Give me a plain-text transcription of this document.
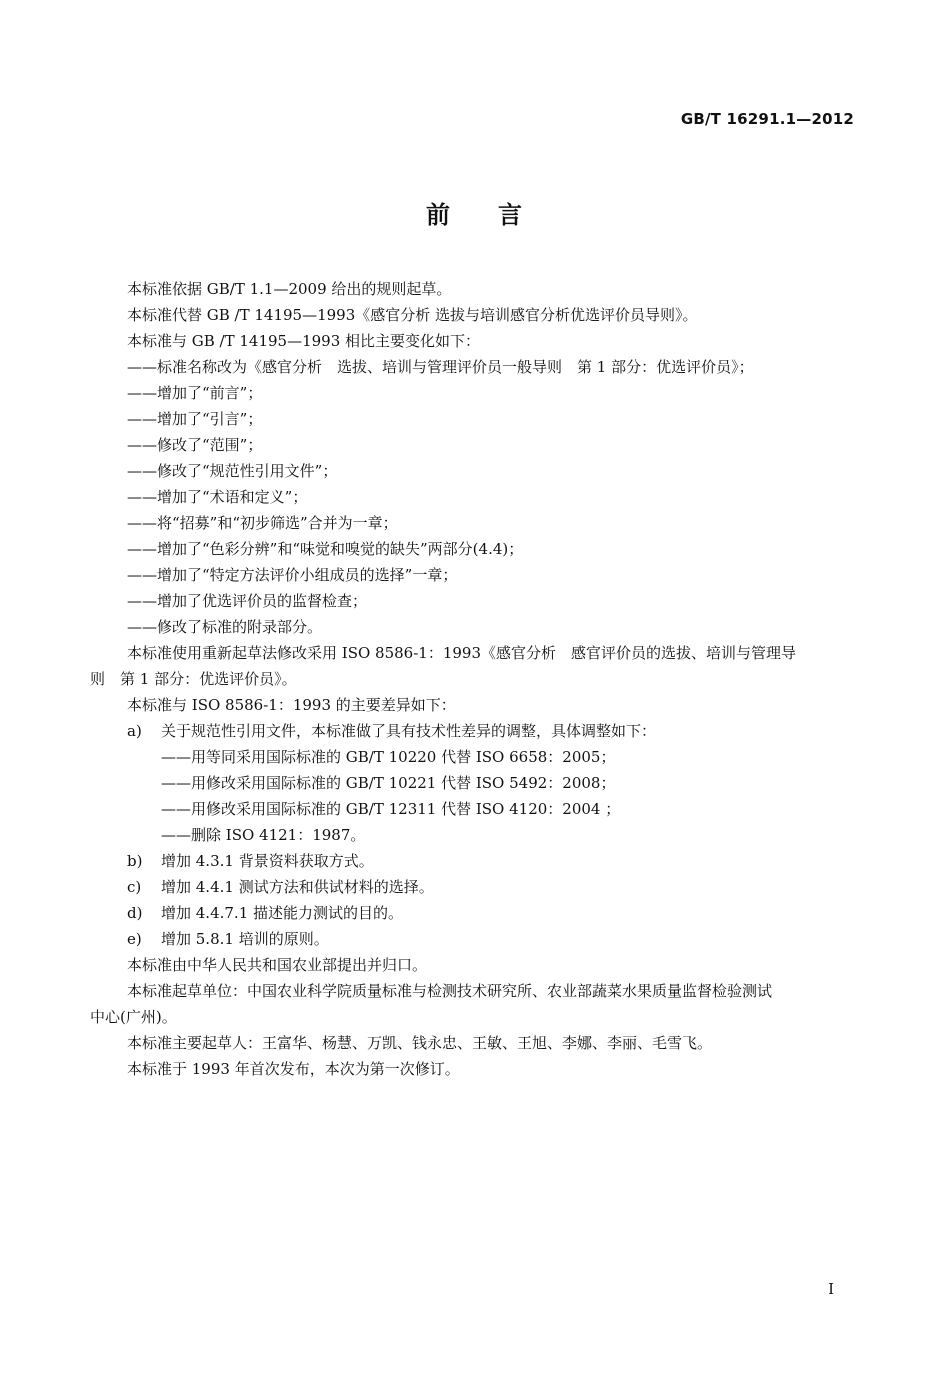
GB/T 16291.1—2012
前 言
本标准依据 GB/T 1.1—2009 给出的规则起草。
本标准代替 GB /T 14195—1993《感官分析 选拔与培训感官分析优选评价员导则》。
本标准与 GB /T 14195—1993 相比主要变化如下：
——标准名称改为《感官分析　选拔、培训与管理评价员一般导则　第 1 部分：优选评价员》；
——增加了“前言”；
——增加了“引言”；
——修改了“范围”；
——修改了“规范性引用文件”；
——增加了“术语和定义”；
——将“招募”和“初步筛选”合并为一章；
——增加了“色彩分辨”和“味觉和嗅觉的缺失”两部分(4.4)；
——增加了“特定方法评价小组成员的选择”一章；
——增加了优选评价员的监督检查；
——修改了标准的附录部分。
本标准使用重新起草法修改采用 ISO 8586-1：1993《感官分析　感官评价员的选拔、培训与管理导
则　第 1 部分：优选评价员》。
本标准与 ISO 8586-1：1993 的主要差异如下：
a) 关于规范性引用文件，本标准做了具有技术性差异的调整，具体调整如下：
——用等同采用国际标准的 GB/T 10220 代替 ISO 6658：2005；
——用修改采用国际标准的 GB/T 10221 代替 ISO 5492：2008；
——用修改采用国际标准的 GB/T 12311 代替 ISO 4120：2004 ；
——删除 ISO 4121：1987。
b) 增加 4.3.1 背景资料获取方式。
c) 增加 4.4.1 测试方法和供试材料的选择。
d) 增加 4.4.7.1 描述能力测试的目的。
e) 增加 5.8.1 培训的原则。
本标准由中华人民共和国农业部提出并归口。
本标准起草单位：中国农业科学院质量标准与检测技术研究所、农业部蔬菜水果质量监督检验测试
中心(广州)。
本标准主要起草人：王富华、杨慧、万凯、钱永忠、王敏、王旭、李娜、李丽、毛雪飞。
本标准于 1993 年首次发布，本次为第一次修订。
I
